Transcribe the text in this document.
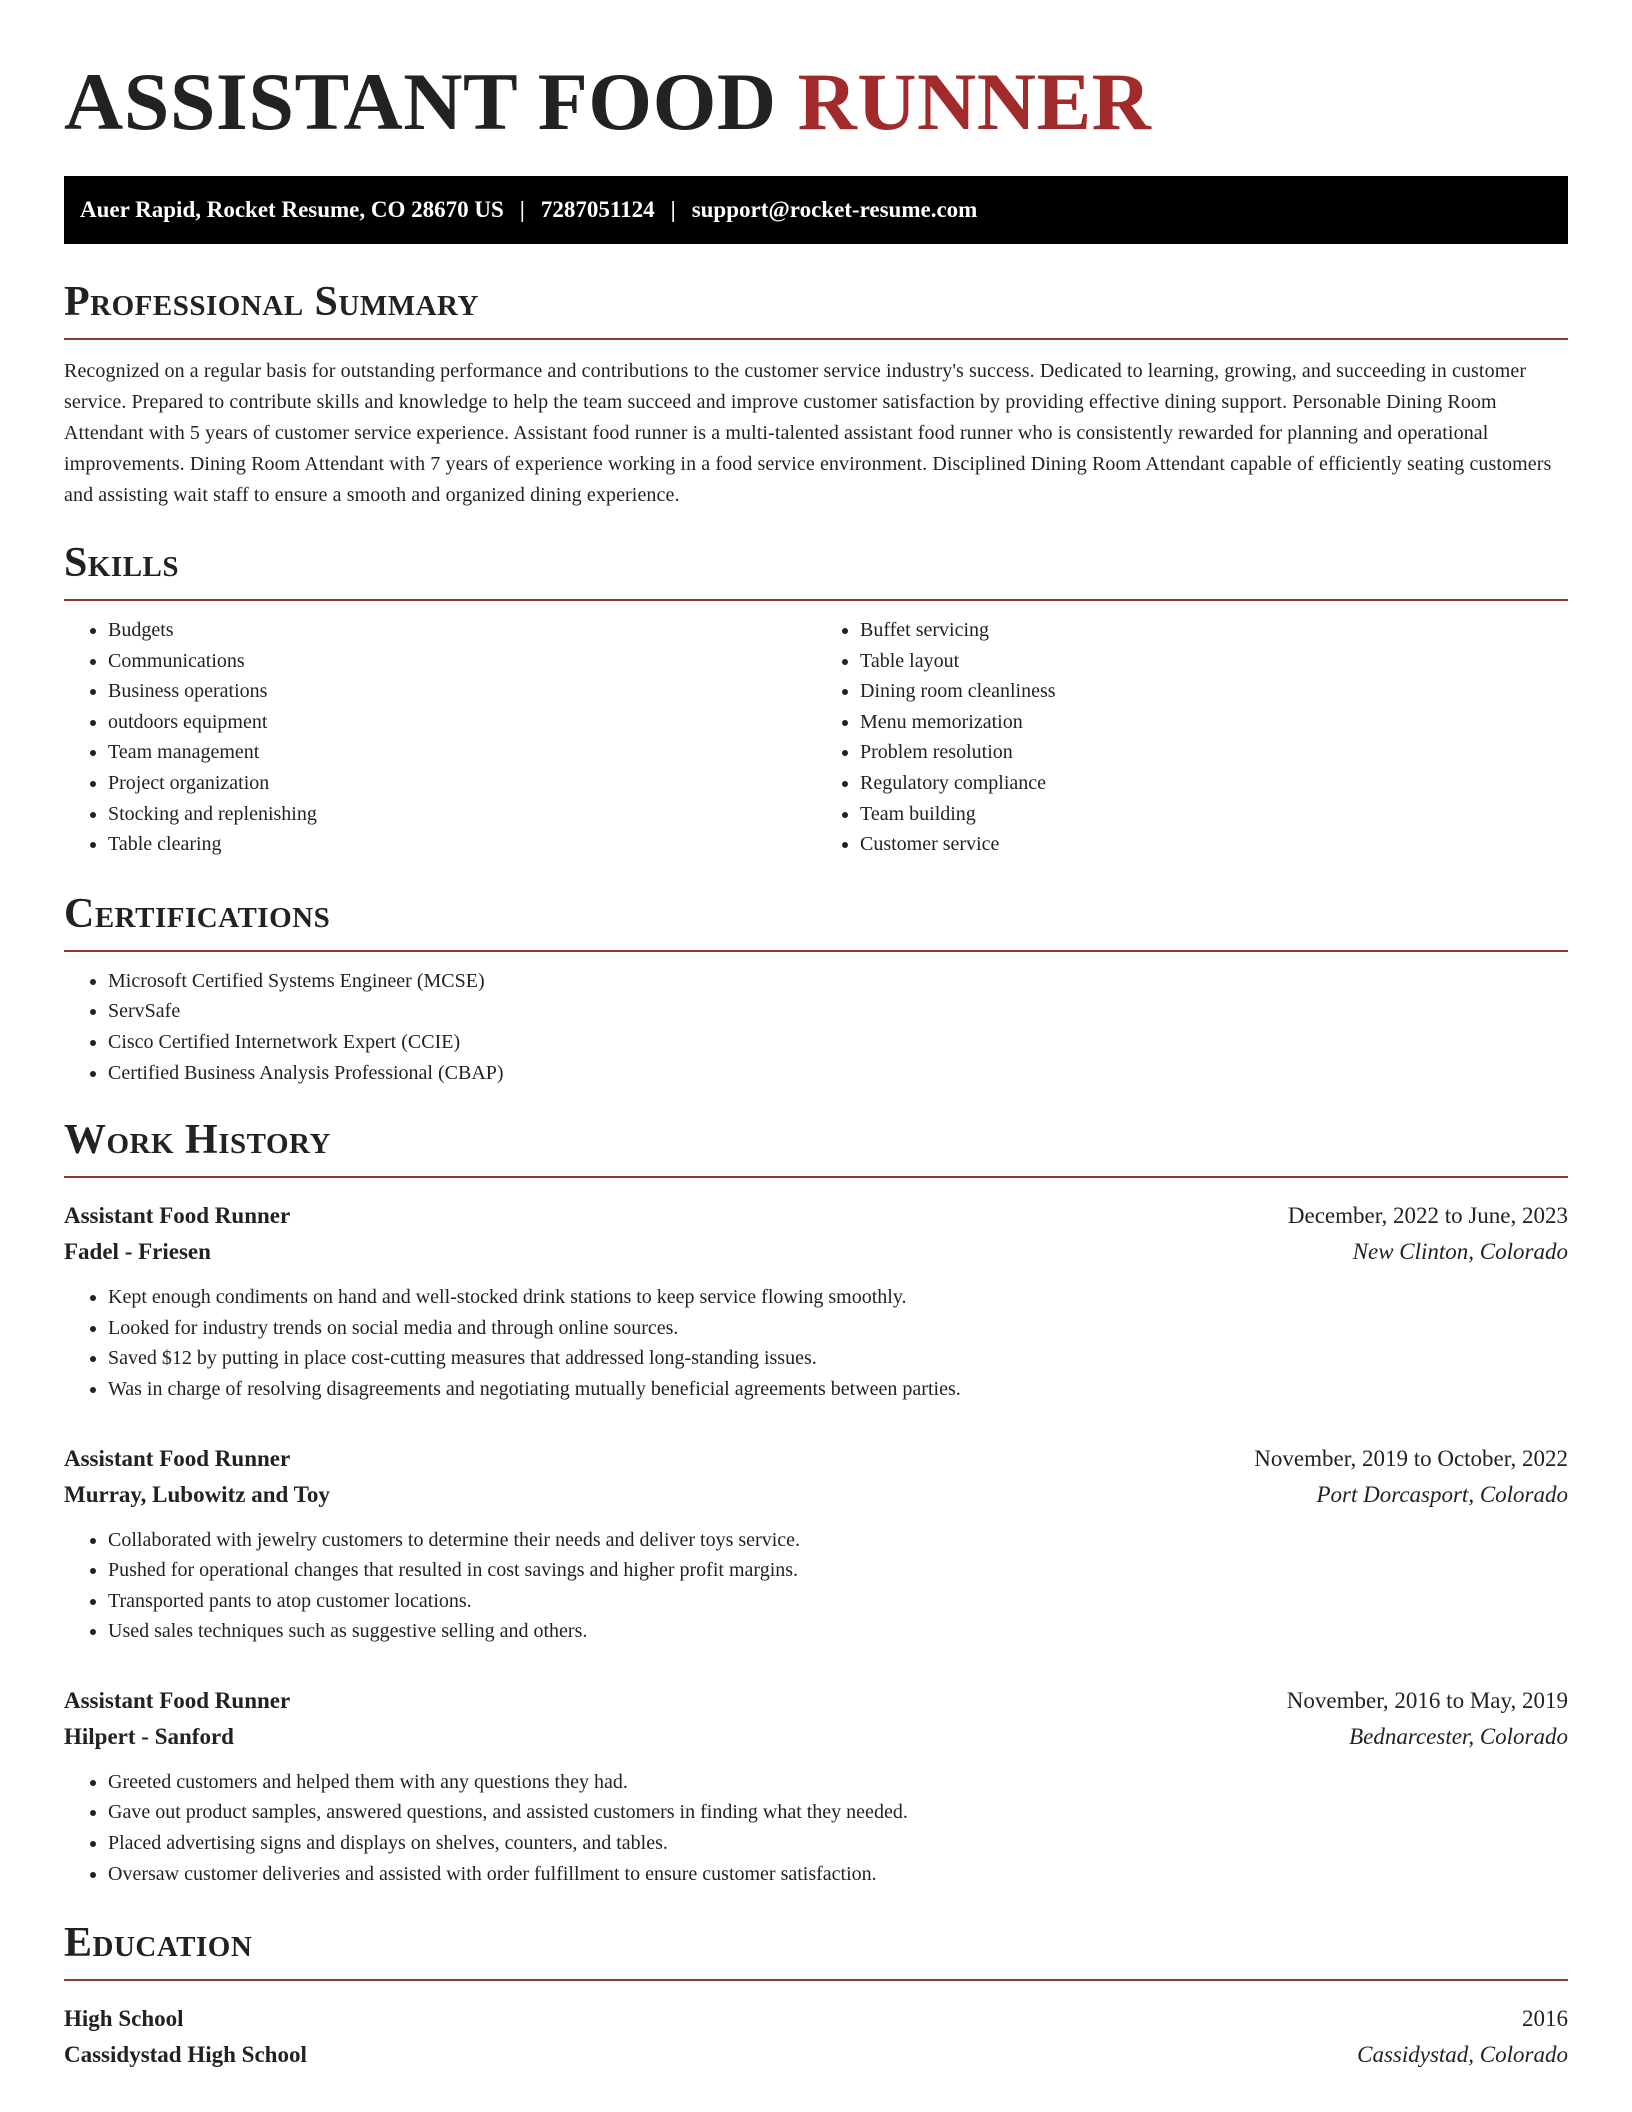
ASSISTANT FOOD RUNNER
Auer Rapid, Rocket Resume, CO 28670 US | 7287051124 | support@rocket-resume.com
Professional Summary

Recognized on a regular basis for outstanding performance and contributions to the customer service industry's success. Dedicated to learning, growing, and succeeding in customer service. Prepared to contribute skills and knowledge to help the team succeed and improve customer satisfaction by providing effective dining support. Personable Dining Room Attendant with 5 years of customer service experience. Assistant food runner is a multi-talented assistant food runner who is consistently rewarded for planning and operational improvements. Dining Room Attendant with 7 years of experience working in a food service environment. Disciplined Dining Room Attendant capable of efficiently seating customers and assisting wait staff to ensure a smooth and organized dining experience.

Skills
• Budgets
• Communications
• Business operations
• outdoors equipment
• Team management
• Project organization
• Stocking and replenishing
• Table clearing
• Buffet servicing
• Table layout
• Dining room cleanliness
• Menu memorization
• Problem resolution
• Regulatory compliance
• Team building
• Customer service
Certifications
• Microsoft Certified Systems Engineer (MCSE)
• ServSafe
• Cisco Certified Internetwork Expert (CCIE)
• Certified Business Analysis Professional (CBAP)
Work History
Assistant Food Runner	December, 2022 to June, 2023
Fadel - Friesen	New Clinton, Colorado
• Kept enough condiments on hand and well-stocked drink stations to keep service flowing smoothly.
• Looked for industry trends on social media and through online sources.
• Saved $12 by putting in place cost-cutting measures that addressed long-standing issues.
• Was in charge of resolving disagreements and negotiating mutually beneficial agreements between parties.
Assistant Food Runner	November, 2019 to October, 2022
Murray, Lubowitz and Toy	Port Dorcasport, Colorado
• Collaborated with jewelry customers to determine their needs and deliver toys service.
• Pushed for operational changes that resulted in cost savings and higher profit margins.
• Transported pants to atop customer locations.
• Used sales techniques such as suggestive selling and others.
Assistant Food Runner	November, 2016 to May, 2019
Hilpert - Sanford	Bednarcester, Colorado
• Greeted customers and helped them with any questions they had.
• Gave out product samples, answered questions, and assisted customers in finding what they needed.
• Placed advertising signs and displays on shelves, counters, and tables.
• Oversaw customer deliveries and assisted with order fulfillment to ensure customer satisfaction.
Education
High School	2016
Cassidystad High School	Cassidystad, Colorado
